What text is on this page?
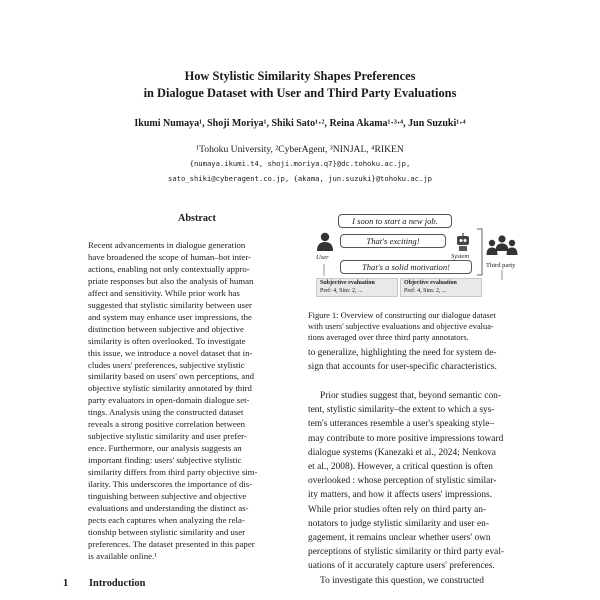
How Stylistic Similarity Shapes Preferences
in Dialogue Dataset with User and Third Party Evaluations
Ikumi Numaya¹, Shoji Moriya¹, Shiki Sato¹·², Reina Akama¹·³·⁴, Jun Suzuki¹·⁴
¹Tohoku University, ²CyberAgent, ³NINJAL, ⁴RIKEN
{numaya.ikumi.t4, shoji.moriya.q7}@dc.tohoku.ac.jp,
sato_shiki@cyberagent.co.jp, {akama, jun.suzuki}@tohoku.ac.jp
Abstract
Recent advancements in dialogue generation
have broadened the scope of human–bot inter-
actions, enabling not only contextually appro-
priate responses but also the analysis of human
affect and sensitivity. While prior work has
suggested that stylistic similarity between user
and system may enhance user impressions, the
distinction between subjective and objective
similarity is often overlooked. To investigate
this issue, we introduce a novel dataset that in-
cludes users' preferences, subjective stylistic
similarity based on users' own perceptions, and
objective stylistic similarity annotated by third
party evaluators in open-domain dialogue set-
tings. Analysis using the constructed dataset
reveals a strong positive correlation between
subjective stylistic similarity and user prefer-
ence. Furthermore, our analysis suggests an
important finding: users' subjective stylistic
similarity differs from third party objective sim-
ilarity. This underscores the importance of dis-
tinguishing between subjective and objective
evaluations and understanding the distinct as-
pects each captures when analyzing the rela-
tionship between stylistic similarity and user
preferences. The dataset presented in this paper
is available online.¹
1 Introduction
User
I soon to start a new job.
That's exciting!
That's a solid motivation!
System
Third party
Subjective evaluation
Pref: 4, Sim: 2, ...
Objective evaluation
Pref: 4, Sim: 2, ...
Figure 1: Overview of constructing our dialogue dataset
with users' subjective evaluations and objective evalua-
tions averaged over three third party annotators.
to generalize, highlighting the need for system de-
sign that accounts for user-specific characteristics.
Prior studies suggest that, beyond semantic con-
tent, stylistic similarity–the extent to which a sys-
tem's utterances resemble a user's speaking style–
may contribute to more positive impressions toward
dialogue systems (Kanezaki et al., 2024; Nenkova
et al., 2008). However, a critical question is often
overlooked : whose perception of stylistic similar-
ity matters, and how it affects users' impressions.
While prior studies often rely on third party an-
notators to judge stylistic similarity and user en-
gagement, it remains unclear whether users' own
perceptions of stylistic similarity or third party eval-
uations of it accurately capture users' preferences.
To investigate this question, we constructed
